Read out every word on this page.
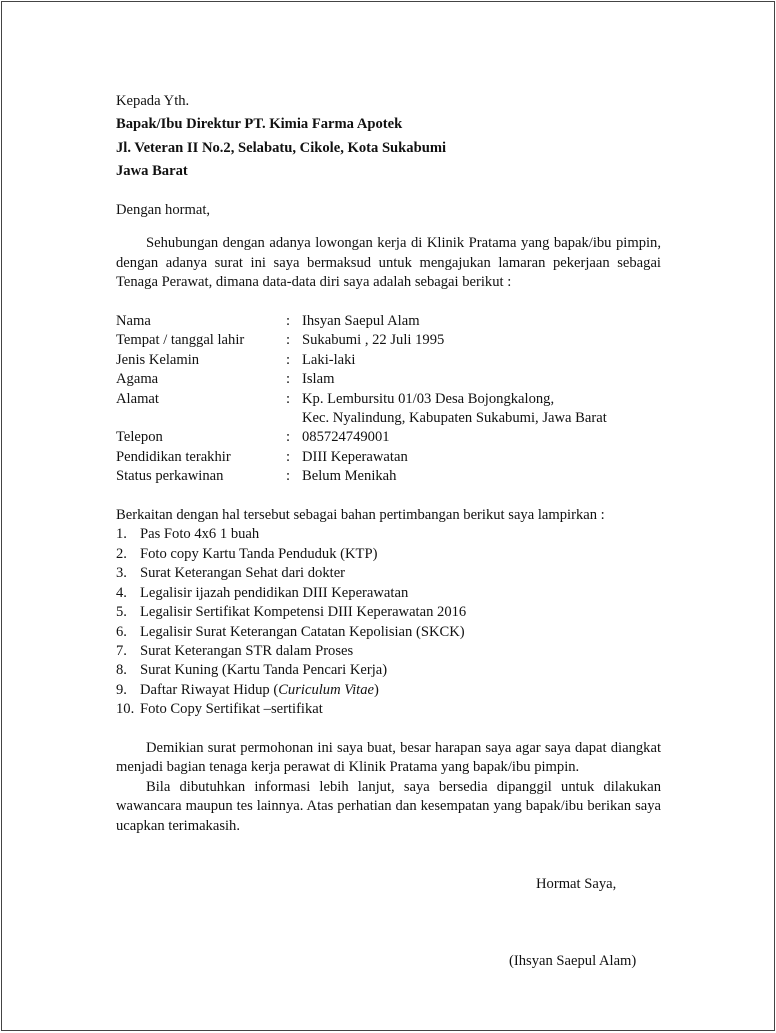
Kepada Yth.
Bapak/Ibu Direktur PT. Kimia Farma Apotek
Jl. Veteran II No.2, Selabatu, Cikole, Kota Sukabumi
Jawa Barat
Dengan hormat,
Sehubungan dengan adanya lowongan kerja di Klinik Pratama yang bapak/ibu pimpin, dengan adanya surat ini saya bermaksud untuk mengajukan lamaran pekerjaan sebagai Tenaga Perawat, dimana data-data diri saya adalah sebagai berikut :
Nama	:	Ihsyan Saepul Alam
Tempat / tanggal lahir	:	Sukabumi , 22 Juli 1995
Jenis Kelamin	:	Laki-laki
Agama	:	Islam
Alamat	:	Kp. Lembursitu 01/03 Desa Bojongkalong,
		Kec. Nyalindung, Kabupaten Sukabumi, Jawa Barat
Telepon	:	085724749001
Pendidikan terakhir	:	DIII Keperawatan
Status perkawinan	:	Belum Menikah
Berkaitan dengan hal tersebut sebagai bahan pertimbangan berikut saya lampirkan :
1. Pas Foto 4x6 1 buah
2. Foto copy Kartu Tanda Penduduk (KTP)
3. Surat Keterangan Sehat dari dokter
4. Legalisir ijazah pendidikan DIII Keperawatan
5. Legalisir Sertifikat Kompetensi DIII Keperawatan 2016
6. Legalisir Surat Keterangan Catatan Kepolisian (SKCK)
7. Surat Keterangan STR dalam Proses
8. Surat Kuning (Kartu Tanda Pencari Kerja)
9. Daftar Riwayat Hidup (Curiculum Vitae)
10. Foto Copy Sertifikat –sertifikat
Demikian surat permohonan ini saya buat, besar harapan saya agar saya dapat diangkat menjadi bagian tenaga kerja perawat di Klinik Pratama yang bapak/ibu pimpin.
Bila dibutuhkan informasi lebih lanjut, saya bersedia dipanggil untuk dilakukan wawancara maupun tes lainnya. Atas perhatian dan kesempatan yang bapak/ibu berikan saya ucapkan terimakasih.
Hormat Saya,
(Ihsyan Saepul Alam)
